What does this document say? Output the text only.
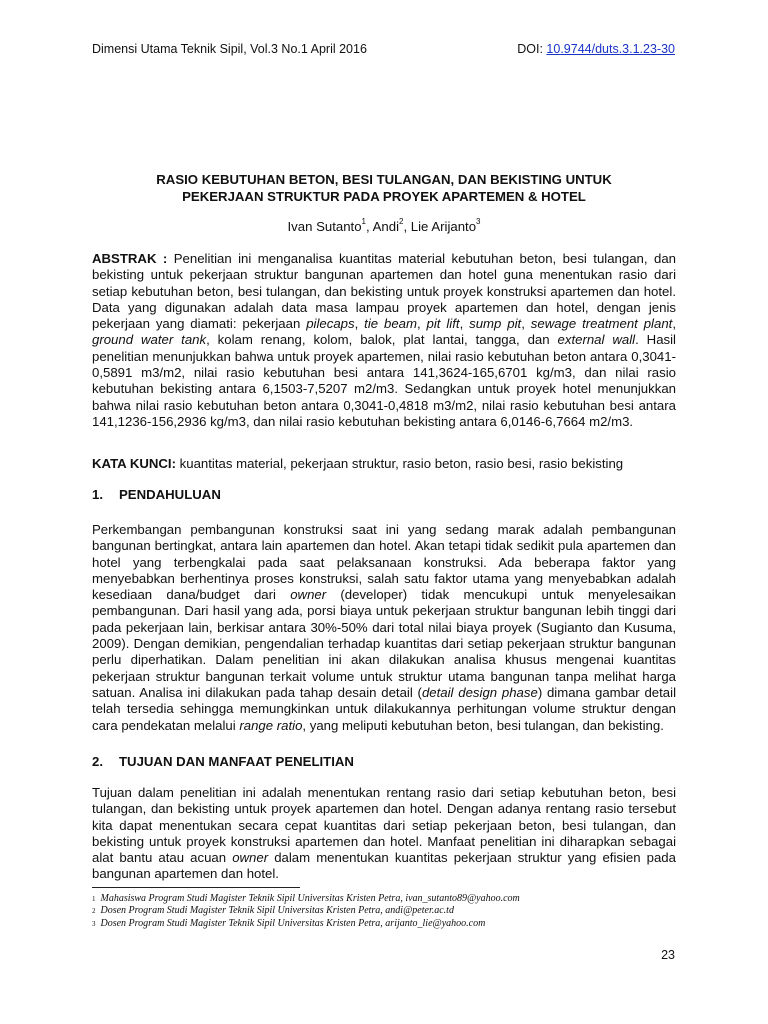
Dimensi Utama Teknik Sipil, Vol.3 No.1 April 2016	DOI: 10.9744/duts.3.1.23-30
RASIO KEBUTUHAN BETON, BESI TULANGAN, DAN BEKISTING UNTUK
PEKERJAAN STRUKTUR PADA PROYEK APARTEMEN & HOTEL
Ivan Sutanto$^1$, Andi$^2$, Lie Arijanto$^3$
ABSTRAK : Penelitian ini menganalisa kuantitas material kebutuhan beton, besi tulangan, dan bekisting untuk pekerjaan struktur bangunan apartemen dan hotel guna menentukan rasio dari setiap kebutuhan beton, besi tulangan, dan bekisting untuk proyek konstruksi apartemen dan hotel. Data yang digunakan adalah data masa lampau proyek apartemen dan hotel, dengan jenis pekerjaan yang diamati: pekerjaan pilecaps, tie beam, pit lift, sump pit, sewage treatment plant, ground water tank, kolam renang, kolom, balok, plat lantai, tangga, dan external wall. Hasil penelitian menunjukkan bahwa untuk proyek apartemen, nilai rasio kebutuhan beton antara 0,3041-0,5891 m3/m2, nilai rasio kebutuhan besi antara 141,3624-165,6701 kg/m3, dan nilai rasio kebutuhan bekisting antara 6,1503-7,5207 m2/m3. Sedangkan untuk proyek hotel menunjukkan bahwa nilai rasio kebutuhan beton antara 0,3041-0,4818 m3/m2, nilai rasio kebutuhan besi antara 141,1236-156,2936 kg/m3, dan nilai rasio kebutuhan bekisting antara 6,0146-6,7664 m2/m3.
KATA KUNCI: kuantitas material, pekerjaan struktur, rasio beton, rasio besi, rasio bekisting
1. PENDAHULUAN
Perkembangan pembangunan konstruksi saat ini yang sedang marak adalah pembangunan bangunan bertingkat, antara lain apartemen dan hotel. Akan tetapi tidak sedikit pula apartemen dan hotel yang terbengkalai pada saat pelaksanaan konstruksi. Ada beberapa faktor yang menyebabkan berhentinya proses konstruksi, salah satu faktor utama yang menyebabkan adalah kesediaan dana/budget dari owner (developer) tidak mencukupi untuk menyelesaikan pembangunan. Dari hasil yang ada, porsi biaya untuk pekerjaan struktur bangunan lebih tinggi dari pada pekerjaan lain, berkisar antara 30%-50% dari total nilai biaya proyek (Sugianto dan Kusuma, 2009). Dengan demikian, pengendalian terhadap kuantitas dari setiap pekerjaan struktur bangunan perlu diperhatikan. Dalam penelitian ini akan dilakukan analisa khusus mengenai kuantitas pekerjaan struktur bangunan terkait volume untuk struktur utama bangunan tanpa melihat harga satuan. Analisa ini dilakukan pada tahap desain detail (detail design phase) dimana gambar detail telah tersedia sehingga memungkinkan untuk dilakukannya perhitungan volume struktur dengan cara pendekatan melalui range ratio, yang meliputi kebutuhan beton, besi tulangan, dan bekisting.
2. TUJUAN DAN MANFAAT PENELITIAN
Tujuan dalam penelitian ini adalah menentukan rentang rasio dari setiap kebutuhan beton, besi tulangan, dan bekisting untuk proyek apartemen dan hotel. Dengan adanya rentang rasio tersebut kita dapat menentukan secara cepat kuantitas dari setiap pekerjaan beton, besi tulangan, dan bekisting untuk proyek konstruksi apartemen dan hotel. Manfaat penelitian ini diharapkan sebagai alat bantu atau acuan owner dalam menentukan kuantitas pekerjaan struktur yang efisien pada bangunan apartemen dan hotel.
$^1$ Mahasiswa Program Studi Magister Teknik Sipil Universitas Kristen Petra, ivan_sutanto89@yahoo.com
$^2$ Dosen Program Studi Magister Teknik Sipil Universitas Kristen Petra, andi@peter.ac.td
$^3$ Dosen Program Studi Magister Teknik Sipil Universitas Kristen Petra, arijanto_lie@yahoo.com
23
